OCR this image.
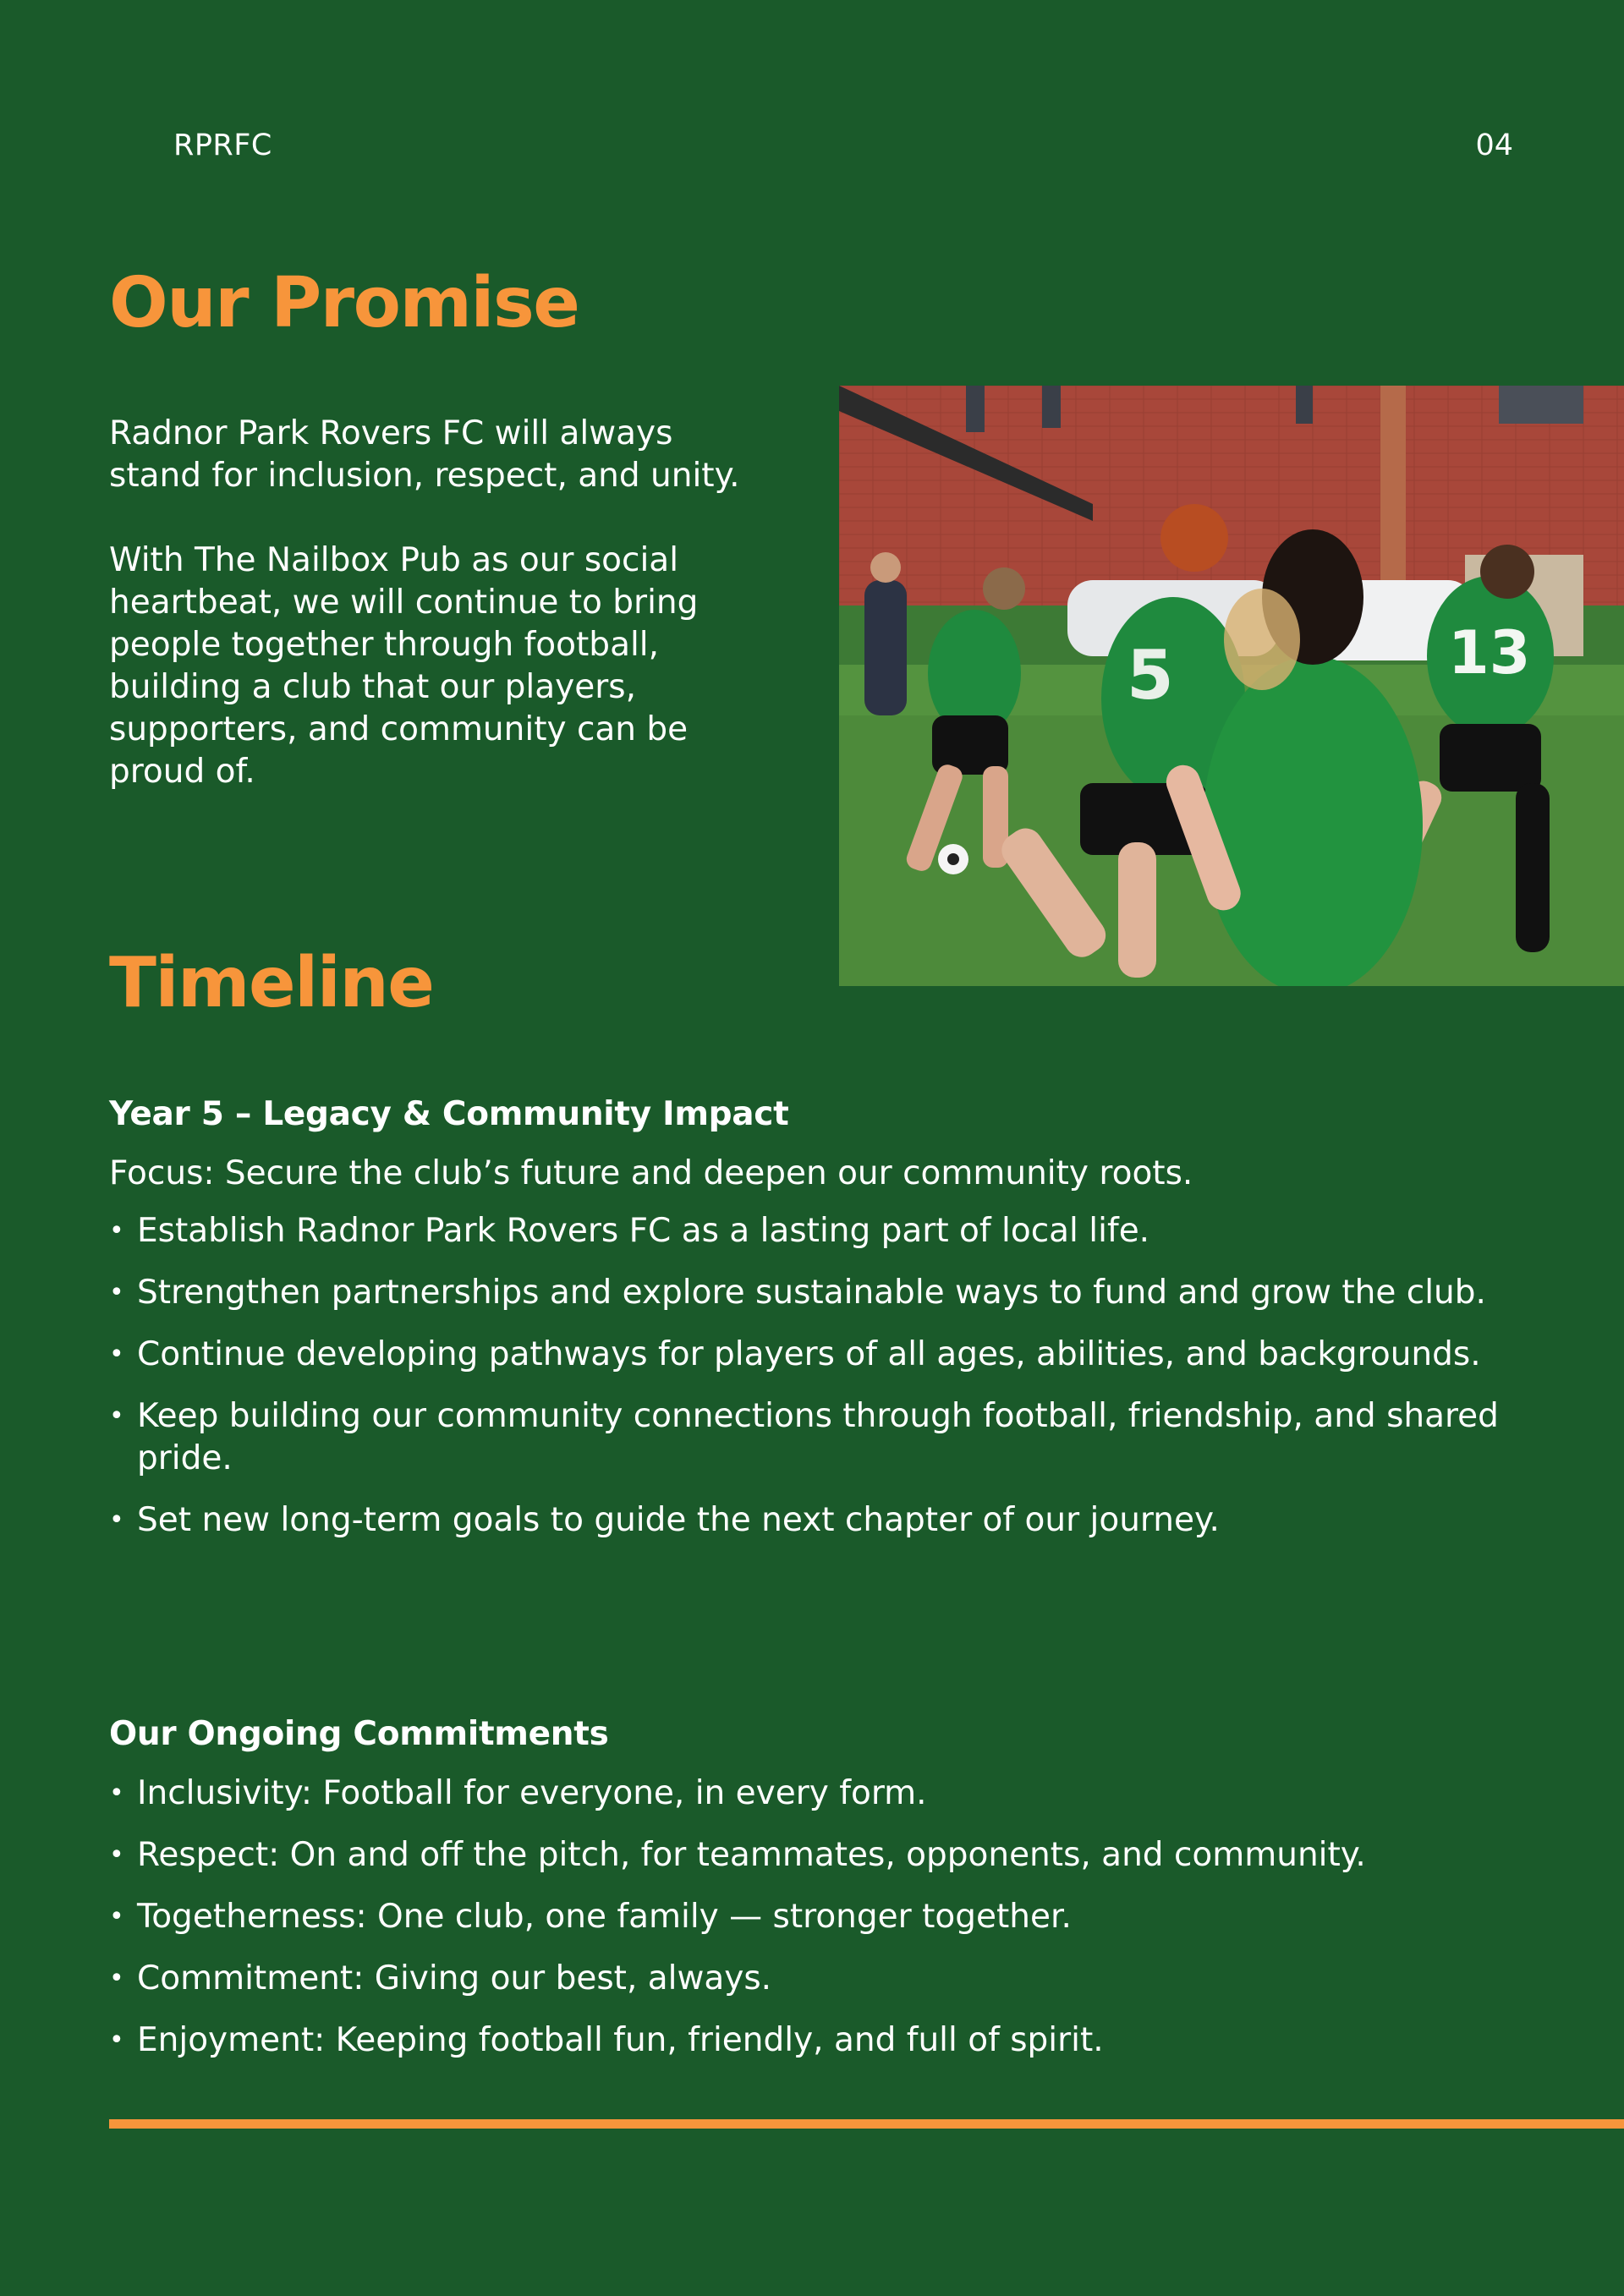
RPRFC	04
Our Promise

Radnor Park Rovers FC will always stand for inclusion, respect, and unity.

With The Nailbox Pub as our social heartbeat, we will continue to bring people together through football, building a club that our players, supporters, and community can be proud of.

5	13
Timeline
Year 5 – Legacy & Community Impact

Focus: Secure the club’s future and deepen our community roots.

• Establish Radnor Park Rovers FC as a lasting part of local life.
• Strengthen partnerships and explore sustainable ways to fund and grow the club.
• Continue developing pathways for players of all ages, abilities, and backgrounds.
• Keep building our community connections through football, friendship, and shared pride.
• Set new long-term goals to guide the next chapter of our journey.
Our Ongoing Commitments
• Inclusivity: Football for everyone, in every form.
• Respect: On and off the pitch, for teammates, opponents, and community.
• Togetherness: One club, one family — stronger together.
• Commitment: Giving our best, always.
• Enjoyment: Keeping football fun, friendly, and full of spirit.
